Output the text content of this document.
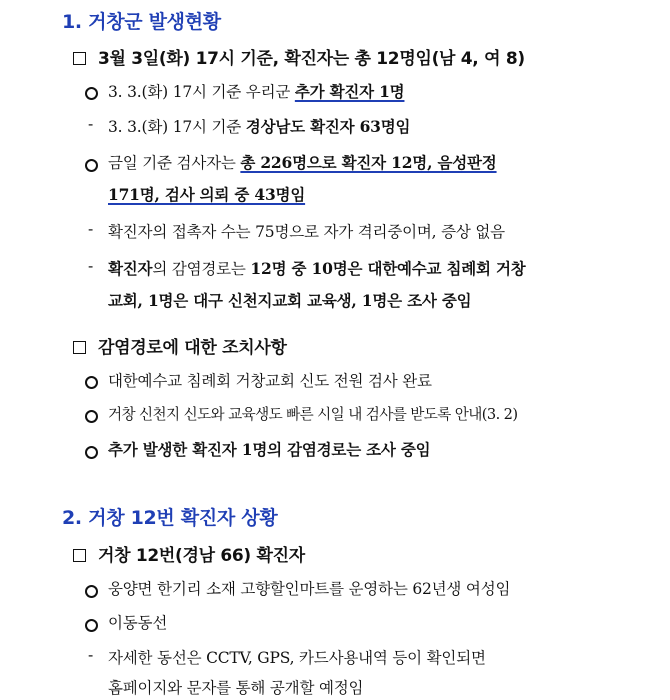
1. 거창군 발생현황
3월 3일(화) 17시 기준, 확진자는 총 12명임(남 4, 여 8)
3. 3.(화) 17시 기준 우리군 추가 확진자 1명
- 3. 3.(화) 17시 기준 경상남도 확진자 63명임
금일 기준 검사자는 총 226명으로 확진자 12명, 음성판정
171명, 검사 의뢰 중 43명임
- 확진자의 접촉자 수는 75명으로 자가 격리중이며, 증상 없음
- 확진자의 감염경로는 12명 중 10명은 대한예수교 침례회 거창
교회, 1명은 대구 신천지교회 교육생, 1명은 조사 중임
감염경로에 대한 조치사항
대한예수교 침례회 거창교회 신도 전원 검사 완료
거창 신천지 신도와 교육생도 빠른 시일 내 검사를 받도록 안내(3. 2)
추가 발생한 확진자 1명의 감염경로는 조사 중임
2. 거창 12번 확진자 상황
거창 12번(경남 66) 확진자
웅양면 한기리 소재 고향할인마트를 운영하는 62년생 여성임
이동동선
- 자세한 동선은 CCTV, GPS, 카드사용내역 등이 확인되면
홈페이지와 문자를 통해 공개할 예정임
